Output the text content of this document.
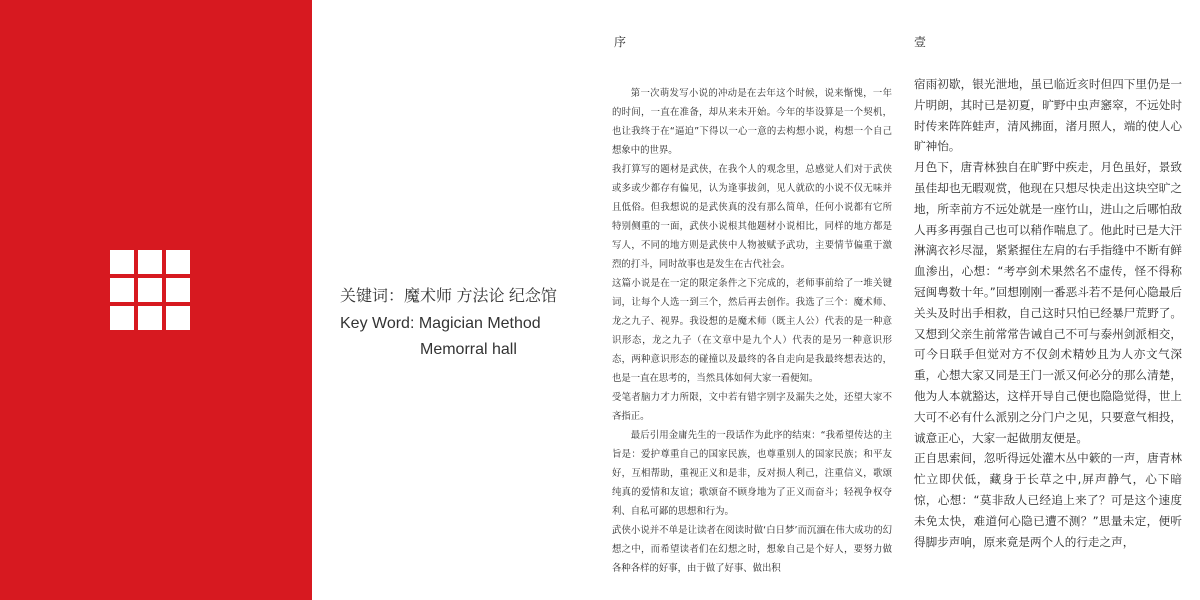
关键词：魔术师 方法论 纪念馆

Key Word: Magician Method

Memorral hall

序

第一次萌发写小说的冲动是在去年这个时候，说来惭愧，一年的时间，一直在准备，却从来未开始。今年的毕设算是一个契机，也让我终于在“逼迫”下得以一心一意的去构想小说，构想一个自己想象中的世界。

我打算写的题材是武侠，在我个人的观念里，总感觉人们对于武侠或多或少都存有偏见，认为逢事拔剑，见人就砍的小说不仅无味并且低俗。但我想说的是武侠真的没有那么简单，任何小说都有它所特别侧重的一面，武侠小说根其他题材小说相比，同样的地方都是写人，不同的地方则是武侠中人物被赋予武功，主要情节偏重于激烈的打斗，同时故事也是发生在古代社会。

这篇小说是在一定的限定条件之下完成的，老师事前给了一堆关键词，让每个人选一到三个，然后再去创作。我选了三个：魔术师、龙之九子、视界。我设想的是魔术师（既主人公）代表的是一种意识形态，龙之九子（在文章中是九个人）代表的是另一种意识形态，两种意识形态的碰撞以及最终的各自走向是我最终想表达的，也是一直在思考的，当然具体如何大家一看便知。

受笔者脑力才力所限，文中若有错字别字及漏失之处，还望大家不吝指正。

最后引用金庸先生的一段话作为此序的结束：“我希望传达的主旨是：爱护尊重自己的国家民族，也尊重别人的国家民族；和平友好，互相帮助，重视正义和是非，反对损人利己，注重信义，歌颂纯真的爱情和友谊；歌颂奋不顾身地为了正义而奋斗；轻视争权夺利、自私可鄙的思想和行为。

武侠小说并不单是让读者在阅读时做‘白日梦’而沉湎在伟大成功的幻想之中，而希望读者们在幻想之时，想象自己是个好人，要努力做各种各样的好事，由于做了好事、做出积

壹

宿雨初歇，银光泄地，虽已临近亥时但四下里仍是一片明朗，其时已是初夏，旷野中虫声窸窣，不远处时时传来阵阵蛙声，清风拂面，渚月照人，端的使人心旷神怡。

月色下，唐青林独自在旷野中疾走，月色虽好，景致虽佳却也无暇观赏，他现在只想尽快走出这块空旷之地，所幸前方不远处就是一座竹山，进山之后哪怕敌人再多再强自己也可以稍作喘息了。他此时已是大汗淋漓衣衫尽湿，紧紧握住左肩的右手指缝中不断有鲜血渗出，心想：“考亭剑术果然名不虚传，怪不得称冠闽粤数十年。”回想刚刚一番恶斗若不是何心隐最后关头及时出手相救，自己这时只怕已经暴尸荒野了。又想到父亲生前常常告诫自己不可与泰州剑派相交，可今日联手但觉对方不仅剑术精妙且为人亦文气深重，心想大家又同是王门一派又何必分的那么清楚，他为人本就豁达，这样开导自己便也隐隐觉得，世上大可不必有什么派别之分门户之见，只要意气相投，诚意正心，大家一起做朋友便是。

正自思索间，忽听得远处灌木丛中簌的一声，唐青林忙立即伏低，藏身于长草之中,屏声静气，心下暗惊，心想：“莫非敌人已经追上来了？可是这个速度未免太快，难道何心隐已遭不测？”思量未定，便听得脚步声响，原来竟是两个人的行走之声，
